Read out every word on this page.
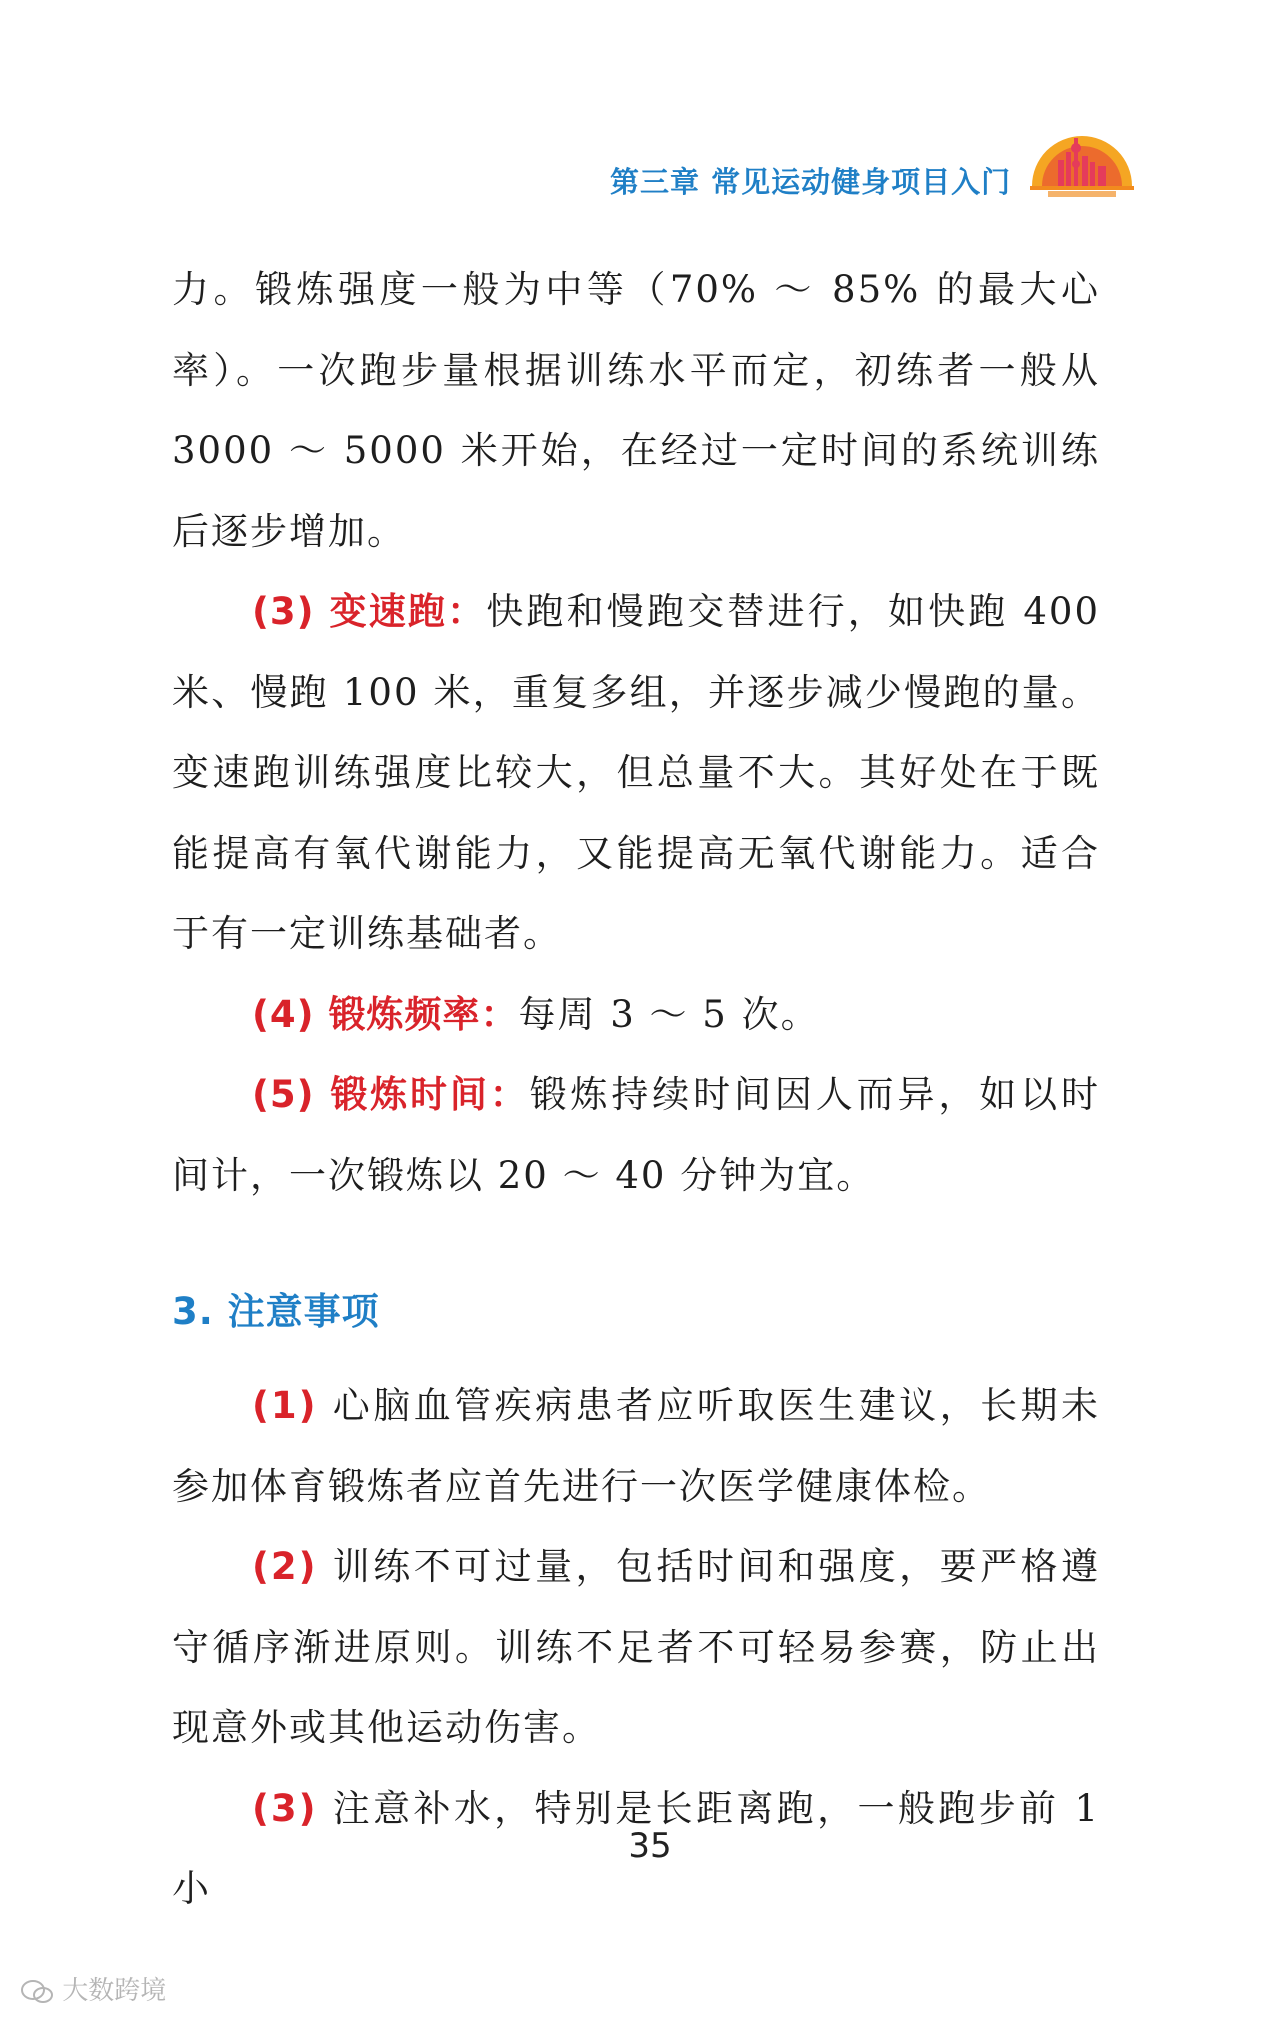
第三章 常见运动健身项目入门

力。锻炼强度一般为中等（70% ～ 85% 的最大心率）。一次跑步量根据训练水平而定，初练者一般从 3000 ～ 5000 米开始，在经过一定时间的系统训练后逐步增加。

(3) 变速跑：快跑和慢跑交替进行，如快跑 400 米、慢跑 100 米，重复多组，并逐步减少慢跑的量。变速跑训练强度比较大，但总量不大。其好处在于既能提高有氧代谢能力，又能提高无氧代谢能力。适合于有一定训练基础者。

(4) 锻炼频率：每周 3 ～ 5 次。

(5) 锻炼时间：锻炼持续时间因人而异，如以时间计，一次锻炼以 20 ～ 40 分钟为宜。

3. 注意事项

(1) 心脑血管疾病患者应听取医生建议，长期未参加体育锻炼者应首先进行一次医学健康体检。

(2) 训练不可过量，包括时间和强度，要严格遵守循序渐进原则。训练不足者不可轻易参赛，防止出现意外或其他运动伤害。

(3) 注意补水，特别是长距离跑，一般跑步前 1 小

35
大数跨境
